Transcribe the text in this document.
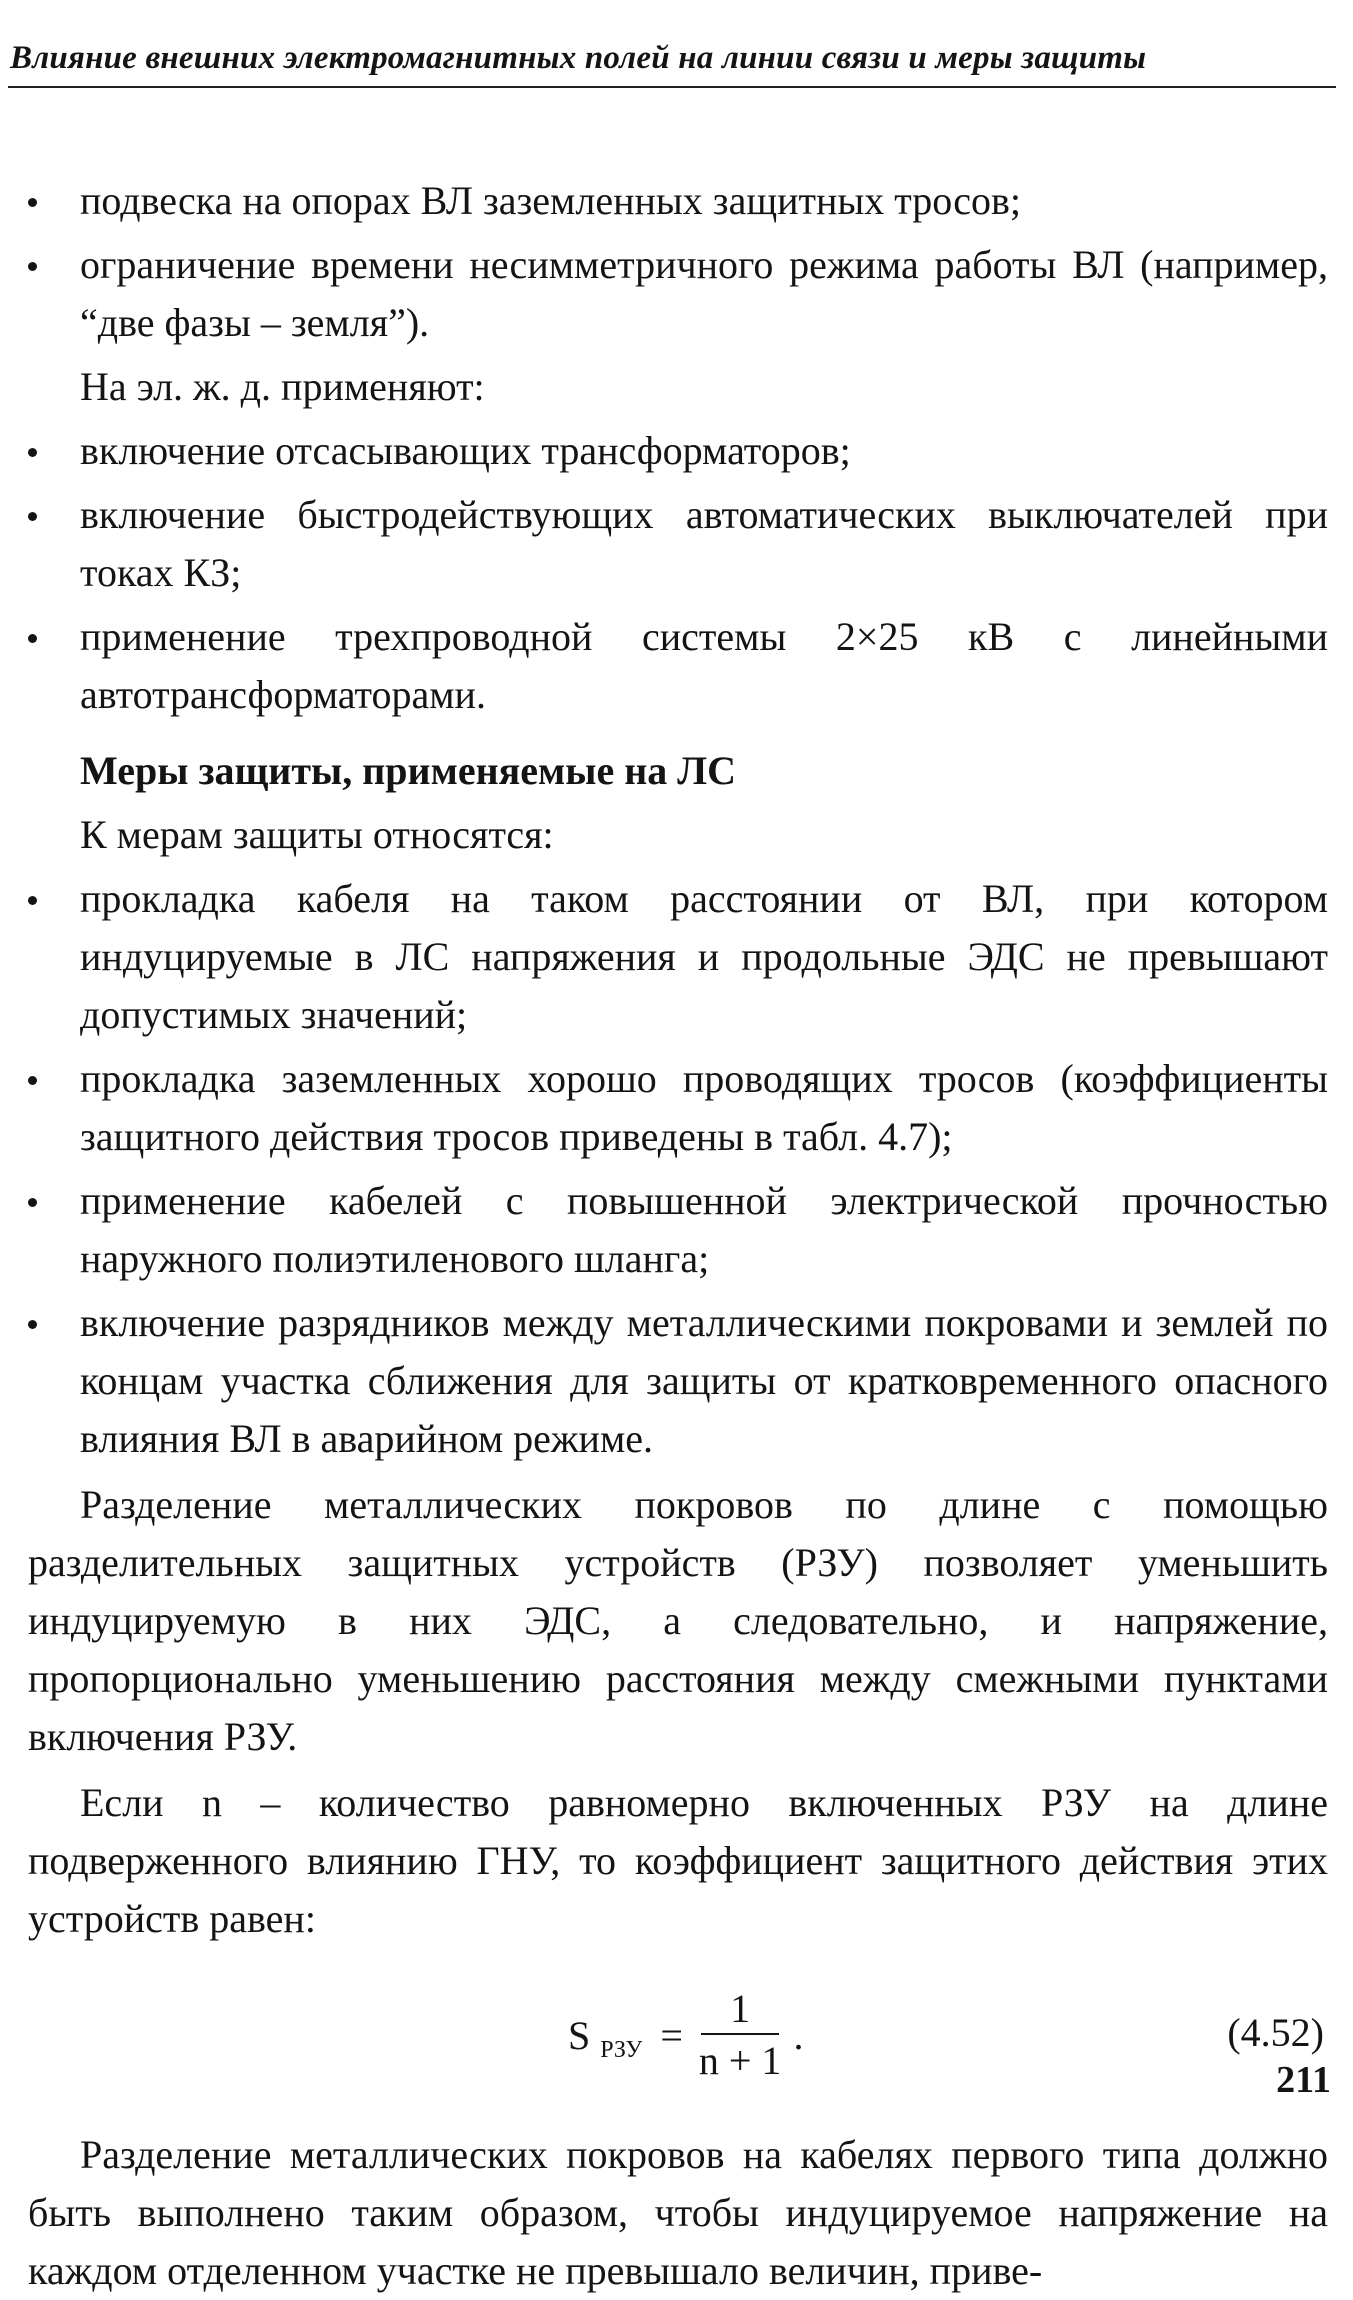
Влияние внешних электромагнитных полей на линии связи и меры защиты
подвеска на опорах ВЛ заземленных защитных тросов;
ограничение времени несимметричного режима работы ВЛ (например, “две фазы – земля”).

На эл. ж. д. применяют:

включение отсасывающих трансформаторов;
включение быстродействующих автоматических выключателей при токах КЗ;
применение трехпроводной системы 2×25 кВ с линейными автотрансформаторами.

Меры защиты, применяемые на ЛС

К мерам защиты относятся:

прокладка кабеля на таком расстоянии от ВЛ, при котором индуцируемые в ЛС напряжения и продольные ЭДС не превышают допустимых значений;
прокладка заземленных хорошо проводящих тросов (коэффициенты защитного действия тросов приведены в табл. 4.7);
применение кабелей с повышенной электрической прочностью наружного полиэтиленового шланга;
включение разрядников между металлическими покровами и землей по концам участка сближения для защиты от кратковременного опасного влияния ВЛ в аварийном режиме.

Разделение металлических покровов по длине с помощью разделительных защитных устройств (РЗУ) позволяет уменьшить индуцируемую в них ЭДС, а следовательно, и напряжение, пропорционально уменьшению расстояния между смежными пунктами включения РЗУ.

Если n – количество равномерно включенных РЗУ на длине подверженного влиянию ГНУ, то коэффициент защитного действия этих устройств равен:

S РЗУ = $\frac{1}{n + 1}$ .	(4.52)

Разделение металлических покровов на кабелях первого типа должно быть выполнено таким образом, чтобы индуцируемое напряжение на каждом отделенном участке не превышало величин, приве-

211
